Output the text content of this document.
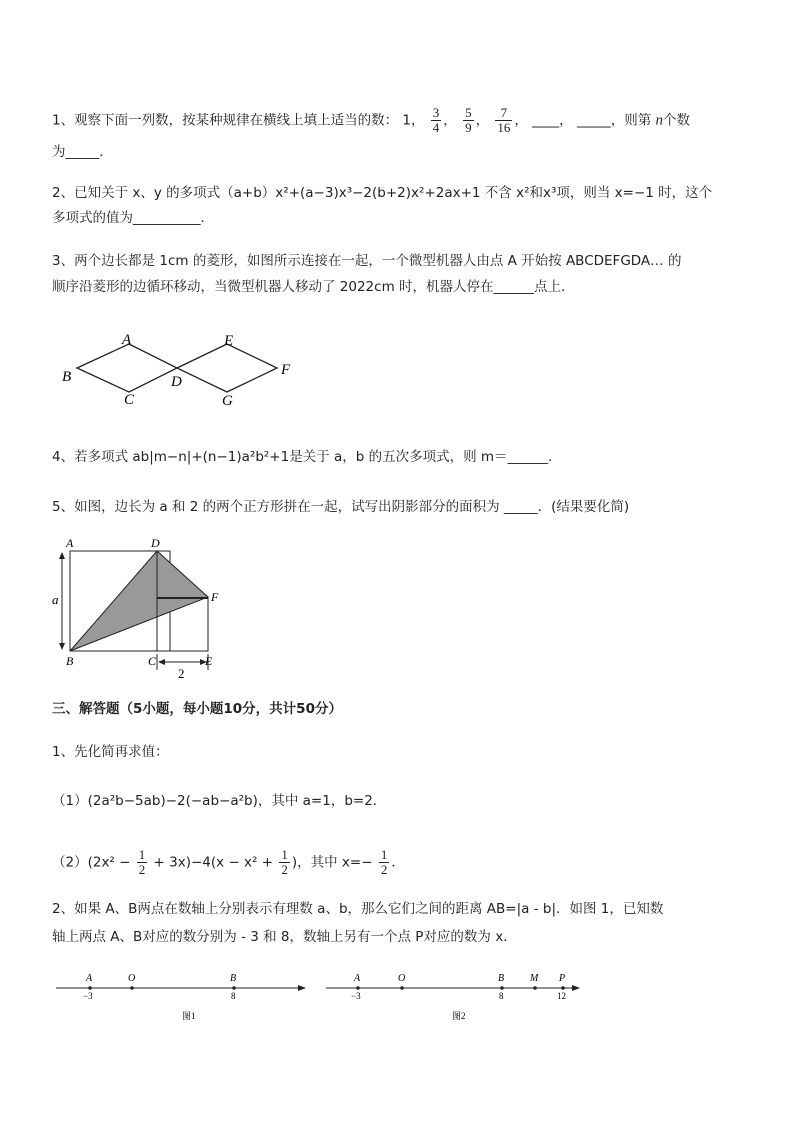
1、观察下面一列数，按某种规律在横线上填上适当的数： 1， $\frac{3}{4}$ ， $\frac{5}{9}$ ， $\frac{7}{16}$ ， ____， _____，则第 n个数
为_____．
2、已知关于 x、y 的多项式（a+b）x²+(a−3)x³−2(b+2)x²+2ax+1 不含 x²和x³项，则当 x=−1 时，这个
多项式的值为__________．
3、两个边长都是 1cm 的菱形，如图所示连接在一起，一个微型机器人由点 A 开始按 ABCDEFGDA… 的
顺序沿菱形的边循环移动，当微型机器人移动了 2022cm 时，机器人停在______点上．
A
B
C
D
E
F
G
4、若多项式 ab|m−n|+(n−1)a²b²+1是关于 a，b 的五次多项式，则 m＝______．
5、如图，边长为 a 和 2 的两个正方形拼在一起，试写出阴影部分的面积为 _____．(结果要化简)
A	D
a	F
B	C	E
2
三、解答题（5小题，每小题10分，共计50分）
1、先化简再求值：
（1）(2a²b−5ab)−2(−ab−a²b)，其中 a=1，b=2．
$(2)(2x^2 - \frac{1}{2} + 3x)-4(x - x^2 + \frac{1}{2}$ )，其中 $x=- \frac{1}{2}$ ．
2、如果 A、B两点在数轴上分别表示有理数 a、b，那么它们之间的距离 AB=|a - b|．如图 1，已知数
轴上两点 A、B对应的数分别为 - 3 和 8，数轴上另有一个点 P对应的数为 x．
A	O	B
−3	8
图1
A	O	B	M P
−3	8	12
图2
